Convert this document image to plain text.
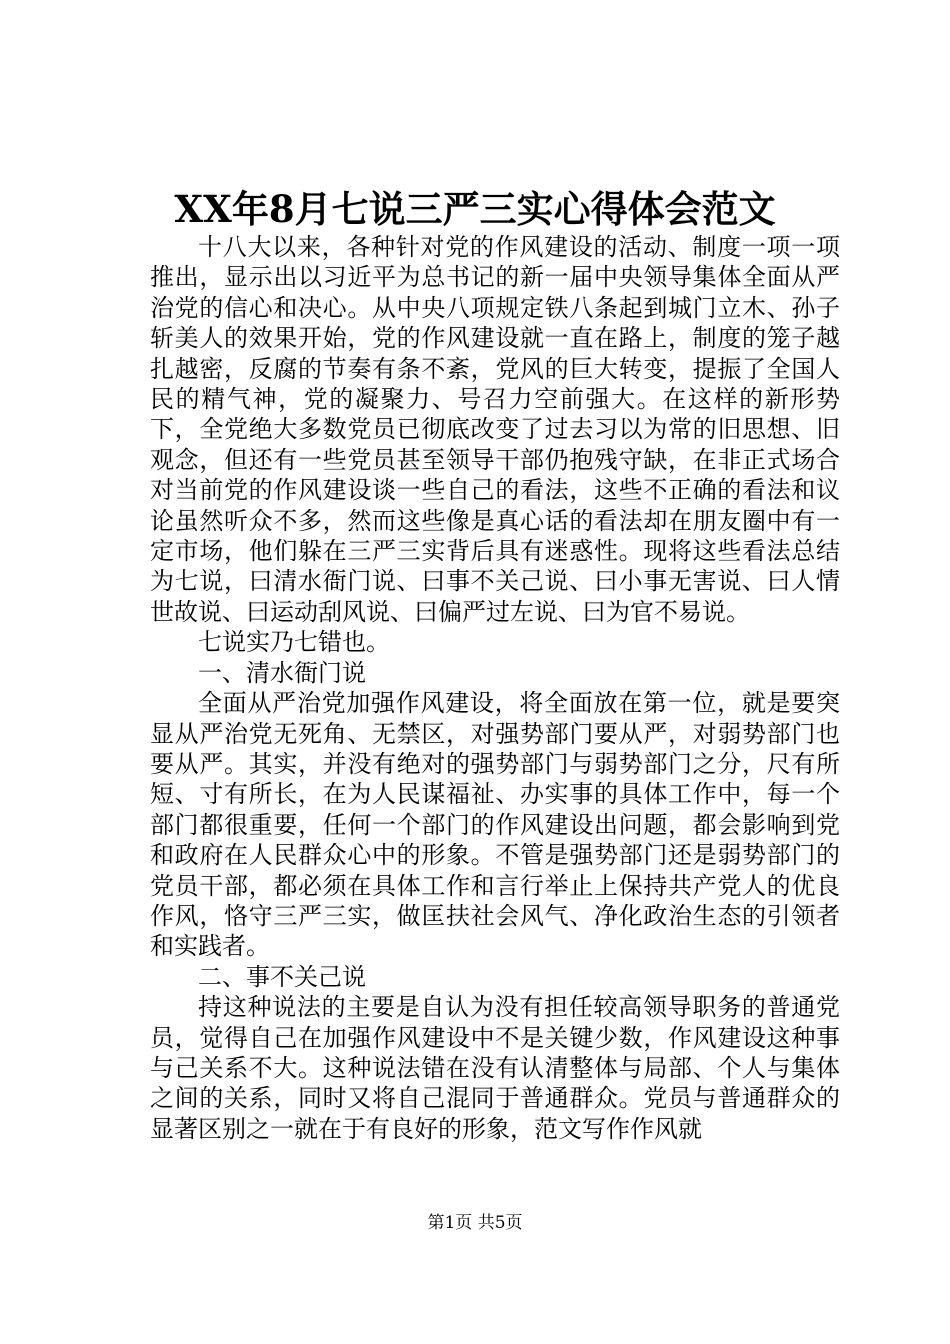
XX年8月七说三严三实心得体会范文

十八大以来，各种针对党的作风建设的活动、制度一项一项推出，显示出以习近平为总书记的新一届中央领导集体全面从严治党的信心和决心。从中央八项规定铁八条起到城门立木、孙子斩美人的效果开始，党的作风建设就一直在路上，制度的笼子越扎越密，反腐的节奏有条不紊，党风的巨大转变，提振了全国人民的精气神，党的凝聚力、号召力空前强大。在这样的新形势下，全党绝大多数党员已彻底改变了过去习以为常的旧思想、旧观念，但还有一些党员甚至领导干部仍抱残守缺，在非正式场合对当前党的作风建设谈一些自己的看法，这些不正确的看法和议论虽然听众不多，然而这些像是真心话的看法却在朋友圈中有一定市场，他们躲在三严三实背后具有迷惑性。现将这些看法总结为七说，曰清水衙门说、曰事不关己说、曰小事无害说、曰人情世故说、曰运动刮风说、曰偏严过左说、曰为官不易说。

七说实乃七错也。

一、清水衙门说

全面从严治党加强作风建设，将全面放在第一位，就是要突显从严治党无死角、无禁区，对强势部门要从严，对弱势部门也要从严。其实，并没有绝对的强势部门与弱势部门之分，尺有所短、寸有所长，在为人民谋福祉、办实事的具体工作中，每一个部门都很重要，任何一个部门的作风建设出问题，都会影响到党和政府在人民群众心中的形象。不管是强势部门还是弱势部门的党员干部，都必须在具体工作和言行举止上保持共产党人的优良作风，恪守三严三实，做匡扶社会风气、净化政治生态的引领者和实践者。

二、事不关己说

持这种说法的主要是自认为没有担任较高领导职务的普通党员，觉得自己在加强作风建设中不是关键少数，作风建设这种事与己关系不大。这种说法错在没有认清整体与局部、个人与集体之间的关系，同时又将自己混同于普通群众。党员与普通群众的显著区别之一就在于有良好的形象，范文写作作风就

第1页 共5页
